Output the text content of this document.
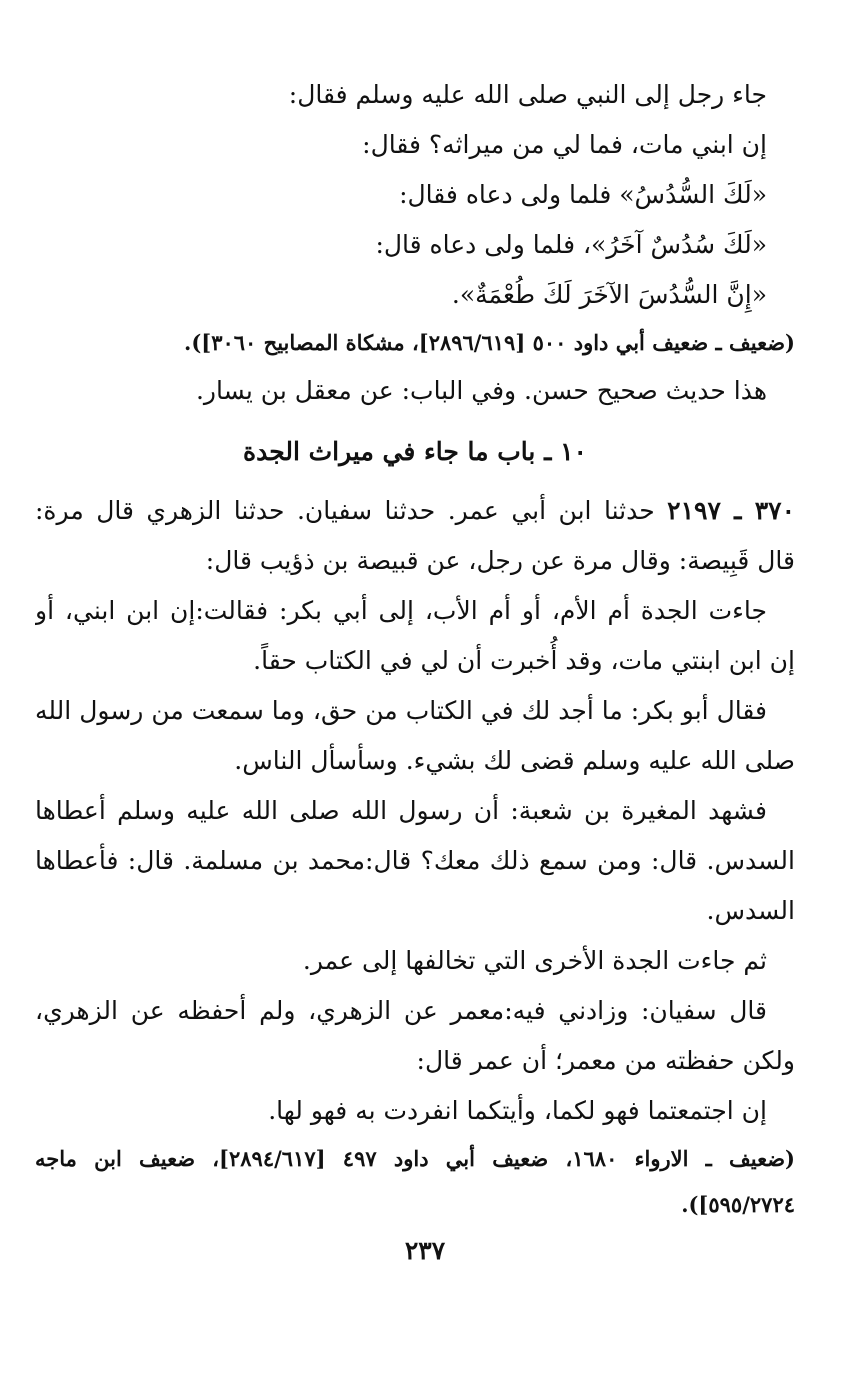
جاء رجل إلى النبي صلى الله عليه وسلم فقال:
إن ابني مات، فما لي من ميراثه؟ فقال:
«لَكَ السُّدُسُ» فلما ولى دعاه فقال:
«لَكَ سُدُسٌ آخَرُ»، فلما ولى دعاه قال:
«إِنَّ السُّدُسَ الآخَرَ لَكَ طُعْمَةٌ».
(ضعيف ـ ضعيف أبي داود ٥٠٠ [٢٨٩٦/٦١٩]، مشكاة المصابيح ٣٠٦٠]).
هذا حديث صحيح حسن. وفي الباب: عن معقل بن يسار.
١٠ ـ باب ما جاء في ميراث الجدة
٣٧٠ ـ ٢١٩٧ حدثنا ابن أبي عمر. حدثنا سفيان. حدثنا الزهري قال مرة:
قال قَبِيصة: وقال مرة عن رجل، عن قبيصة بن ذؤيب قال:
جاءت الجدة أم الأم، أو أم الأب، إلى أبي بكر: فقالت:إن ابن ابني، أو
إن ابن ابنتي مات، وقد أُخبرت أن لي في الكتاب حقاً.
فقال أبو بكر: ما أجد لك في الكتاب من حق، وما سمعت من رسول الله
صلى الله عليه وسلم قضى لك بشيء. وسأسأل الناس.
فشهد المغيرة بن شعبة: أن رسول الله صلى الله عليه وسلم أعطاها
السدس. قال: ومن سمع ذلك معك؟ قال:محمد بن مسلمة. قال: فأعطاها
السدس.
ثم جاءت الجدة الأخرى التي تخالفها إلى عمر.
قال سفيان: وزادني فيه:معمر عن الزهري، ولم أحفظه عن الزهري،
ولكن حفظته من معمر؛ أن عمر قال:
إن اجتمعتما فهو لكما، وأيتكما انفردت به فهو لها.
(ضعيف ـ الارواء ١٦٨٠، ضعيف أبي داود ٤٩٧ [٢٨٩٤/٦١٧]، ضعيف ابن ماجه
٥٩٥/٢٧٢٤]).
٢٣٧
